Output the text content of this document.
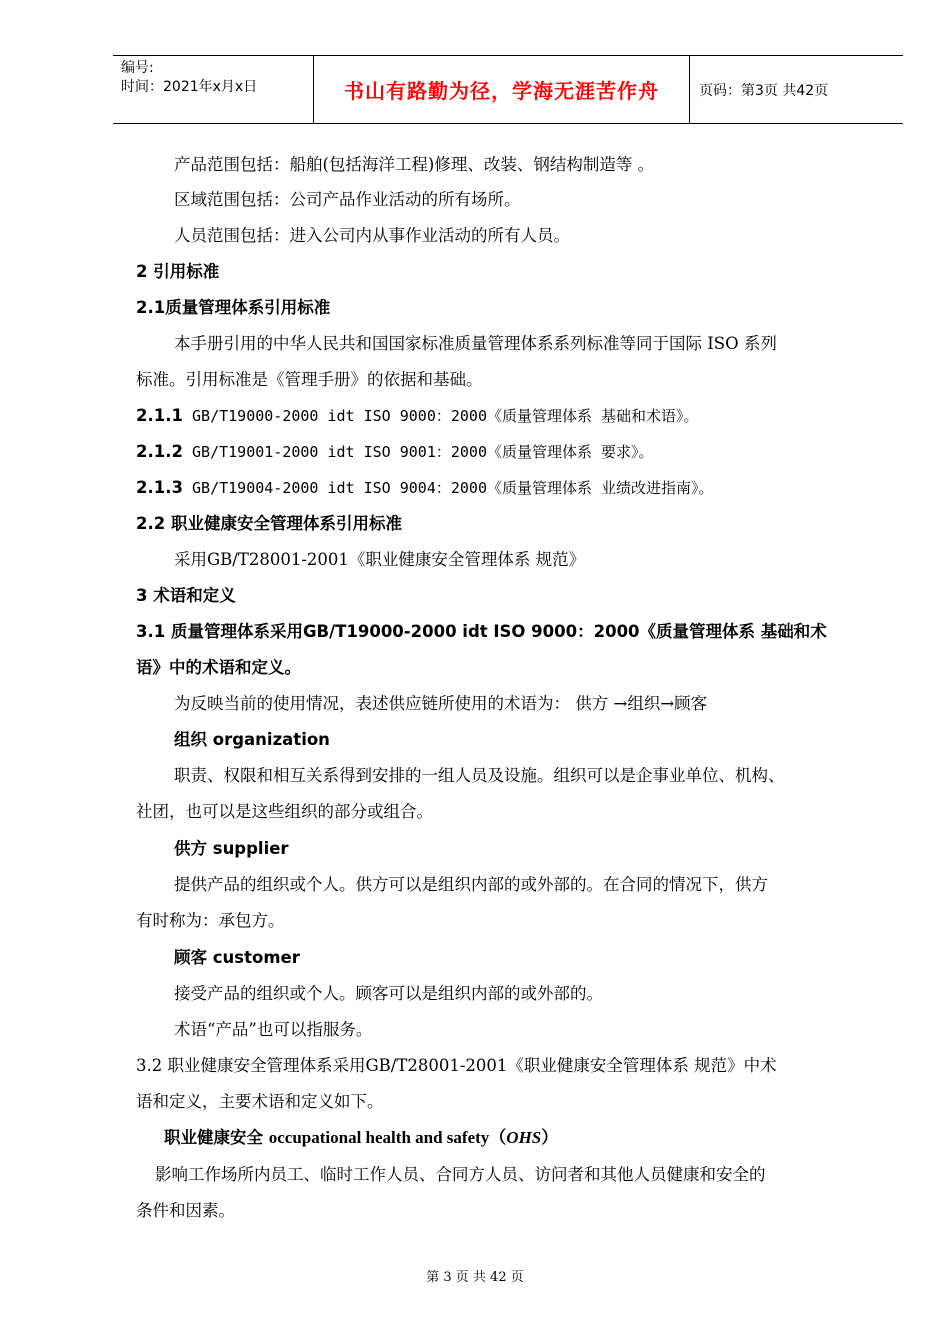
编号:
时间：2021年x月x日	书山有路勤为径，学海无涯苦作舟	页码：第3页 共42页
产品范围包括：船舶(包括海洋工程)修理、改装、钢结构制造等 。
区域范围包括：公司产品作业活动的所有场所。
人员范围包括：进入公司内从事作业活动的所有人员。
2 引用标准
2.1质量管理体系引用标准
本手册引用的中华人民共和国国家标准质量管理体系系列标准等同于国际 ISO 系列
标准。引用标准是《管理手册》的依据和基础。
2.1.1 GB/T19000-2000 idt ISO 9000：2000《质量管理体系 基础和术语》。
2.1.2 GB/T19001-2000 idt ISO 9001：2000《质量管理体系 要求》。
2.1.3 GB/T19004-2000 idt ISO 9004：2000《质量管理体系 业绩改进指南》。
2.2 职业健康安全管理体系引用标准
采用GB/T28001-2001《职业健康安全管理体系 规范》
3 术语和定义
3.1 质量管理体系采用GB/T19000-2000 idt ISO 9000：2000《质量管理体系 基础和术
语》中的术语和定义。
为反映当前的使用情况，表述供应链所使用的术语为： 供方 →组织→顾客
组织 organization
职责、权限和相互关系得到安排的一组人员及设施。组织可以是企事业单位、机构、
社团，也可以是这些组织的部分或组合。
供方 supplier
提供产品的组织或个人。供方可以是组织内部的或外部的。在合同的情况下，供方
有时称为：承包方。
顾客 customer
接受产品的组织或个人。顾客可以是组织内部的或外部的。
术语“产品”也可以指服务。
3.2 职业健康安全管理体系采用GB/T28001-2001《职业健康安全管理体系 规范》中术
语和定义，主要术语和定义如下。
职业健康安全 occupational health and safety（OHS）
影响工作场所内员工、临时工作人员、合同方人员、访问者和其他人员健康和安全的
条件和因素。
第 3 页 共 42 页
